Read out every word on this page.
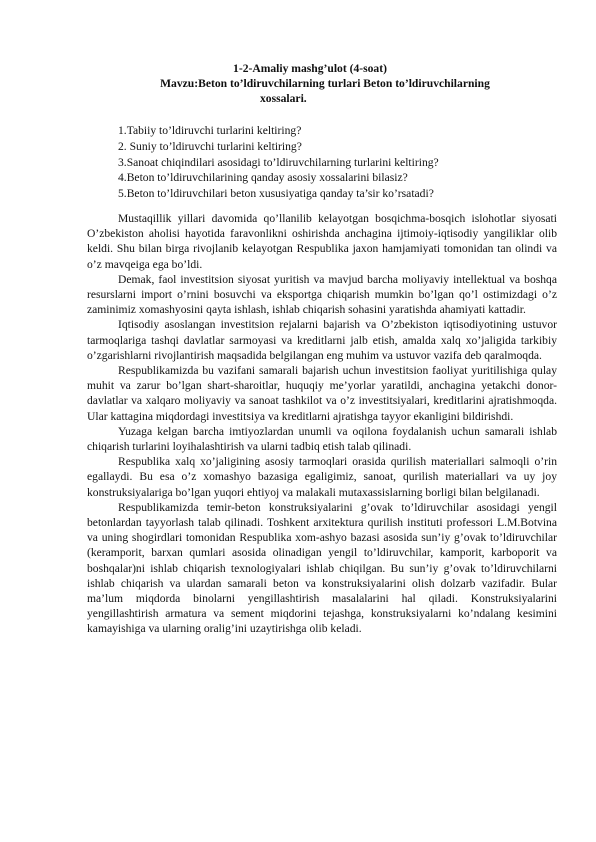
1-2-Amaliy mashg’ulot (4-soat)
Mavzu:Beton to’ldiruvchilarning turlari Beton to’ldiruvchilarning
xossalari.
1.Tabiiy to’ldiruvchi turlarini keltiring?
2. Suniy to’ldiruvchi turlarini keltiring?
3.Sanoat chiqindilari asosidagi to’ldiruvchilarning turlarini keltiring?
4.Beton to’ldiruvchilarining qanday asosiy xossalarini bilasiz?
5.Beton to’ldiruvchilari beton xususiyatiga qanday ta’sir ko’rsatadi?

Mustaqillik yillari davomida qo’llanilib kelayotgan bosqichma-bosqich islohotlar siyosati O’zbekiston aholisi hayotida faravonlikni oshirishda anchagina ijtimoiy-iqtisodiy yangiliklar olib keldi. Shu bilan birga rivojlanib kelayotgan Respublika jaxon hamjamiyati tomonidan tan olindi va o’z mavqeiga ega bo’ldi.

Demak, faol investitsion siyosat yuritish va mavjud barcha moliyaviy intellektual va boshqa resurslarni import o’rnini bosuvchi va eksportga chiqarish mumkin bo’lgan qo’l ostimizdagi o’z zaminimiz xomashyosini qayta ishlash, ishlab chiqarish sohasini yaratishda ahamiyati kattadir.

Iqtisodiy asoslangan investitsion rejalarni bajarish va O’zbekiston iqtisodiyotining ustuvor tarmoqlariga tashqi davlatlar sarmoyasi va kreditlarni jalb etish, amalda xalq xo’jaligida tarkibiy o’zgarishlarni rivojlantirish maqsadida belgilangan eng muhim va ustuvor vazifa deb qaralmoqda.

Respublikamizda bu vazifani samarali bajarish uchun investitsion faoliyat yuritilishiga qulay muhit va zarur bo’lgan shart-sharoitlar, huquqiy me’yorlar yaratildi, anchagina yetakchi donor-davlatlar va xalqaro moliyaviy va sanoat tashkilot va o’z investitsiyalari, kreditlarini ajratishmoqda. Ular kattagina miqdordagi investitsiya va kreditlarni ajratishga tayyor ekanligini bildirishdi.

Yuzaga kelgan barcha imtiyozlardan unumli va oqilona foydalanish uchun samarali ishlab chiqarish turlarini loyihalashtirish va ularni tadbiq etish talab qilinadi.

Respublika xalq xo’jaligining asosiy tarmoqlari orasida qurilish materiallari salmoqli o’rin egallaydi. Bu esa o’z xomashyo bazasiga egaligimiz, sanoat, qurilish materiallari va uy joy konstruksiyalariga bo’lgan yuqori ehtiyoj va malakali mutaxassislarning borligi bilan belgilanadi.

Respublikamizda temir-beton konstruksiyalarini g’ovak to’ldiruvchilar asosidagi yengil betonlardan tayyorlash talab qilinadi. Toshkent arxitektura qurilish instituti professori L.M.Botvina va uning shogirdlari tomonidan Respublika xom-ashyo bazasi asosida sun’iy g’ovak to’ldiruvchilar (keramporit, barxan qumlari asosida olinadigan yengil to’ldiruvchilar, kamporit, karboporit va boshqalar)ni ishlab chiqarish texnologiyalari ishlab chiqilgan. Bu sun’iy g’ovak to’ldiruvchilarni ishlab chiqarish va ulardan samarali beton va konstruksiyalarini olish dolzarb vazifadir. Bular ma’lum miqdorda binolarni yengillashtirish masalalarini hal qiladi. Konstruksiyalarini yengillashtirish armatura va sement miqdorini tejashga, konstruksiyalarni ko’ndalang kesimini kamayishiga va ularning oralig’ini uzaytirishga olib keladi.
